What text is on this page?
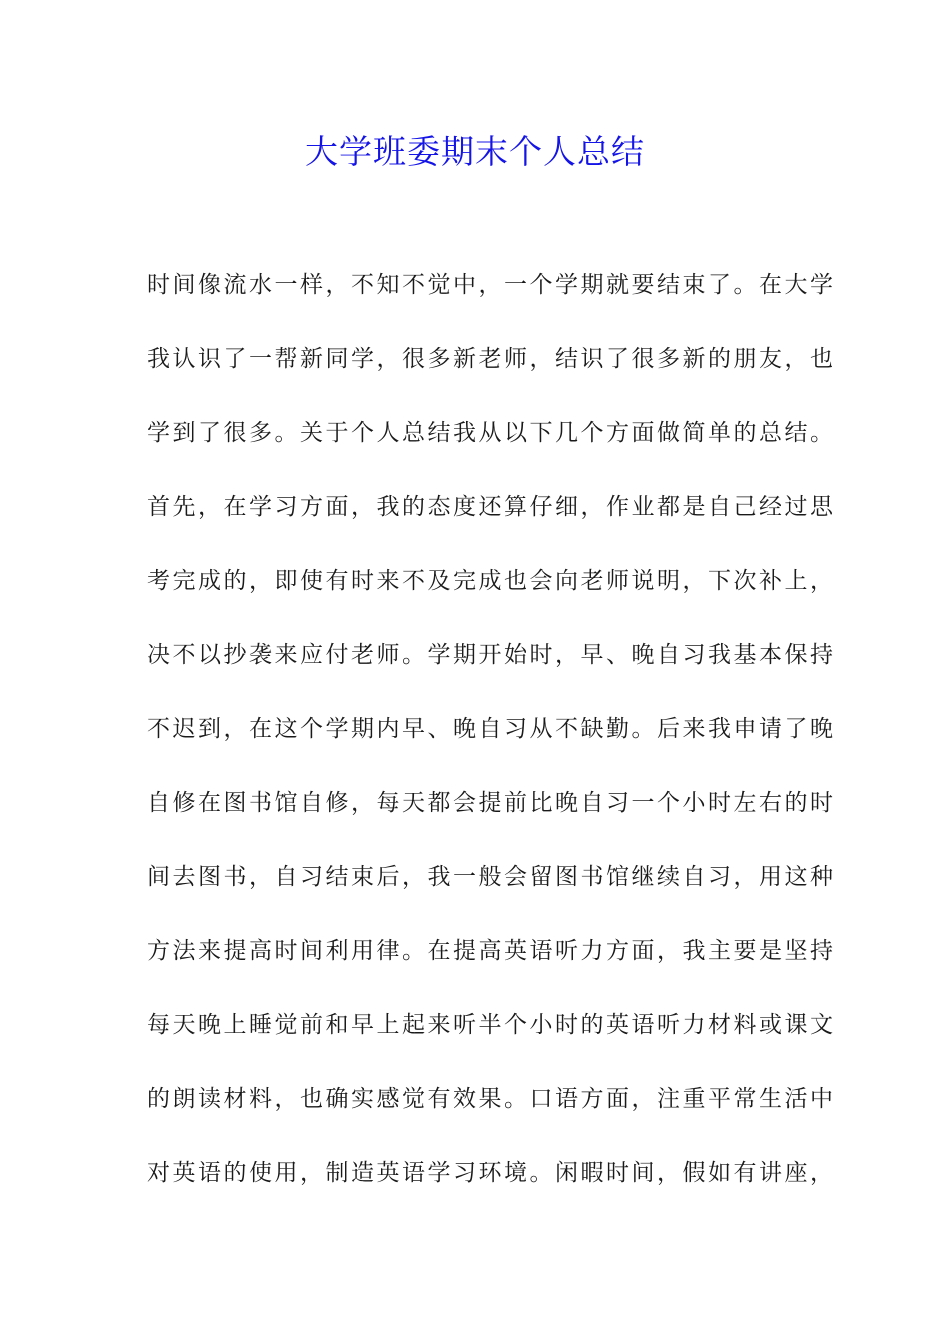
大学班委期末个人总结
时间像流水一样，不知不觉中，一个学期就要结束了。在大学
我认识了一帮新同学，很多新老师，结识了很多新的朋友，也
学到了很多。关于个人总结我从以下几个方面做简单的总结。
首先，在学习方面，我的态度还算仔细，作业都是自己经过思
考完成的，即使有时来不及完成也会向老师说明，下次补上，
决不以抄袭来应付老师。学期开始时，早、晚自习我基本保持
不迟到，在这个学期内早、晚自习从不缺勤。后来我申请了晚
自修在图书馆自修，每天都会提前比晚自习一个小时左右的时
间去图书，自习结束后，我一般会留图书馆继续自习，用这种
方法来提高时间利用律。在提高英语听力方面，我主要是坚持
每天晚上睡觉前和早上起来听半个小时的英语听力材料或课文
的朗读材料，也确实感觉有效果。口语方面，注重平常生活中
对英语的使用，制造英语学习环境。闲暇时间，假如有讲座，
